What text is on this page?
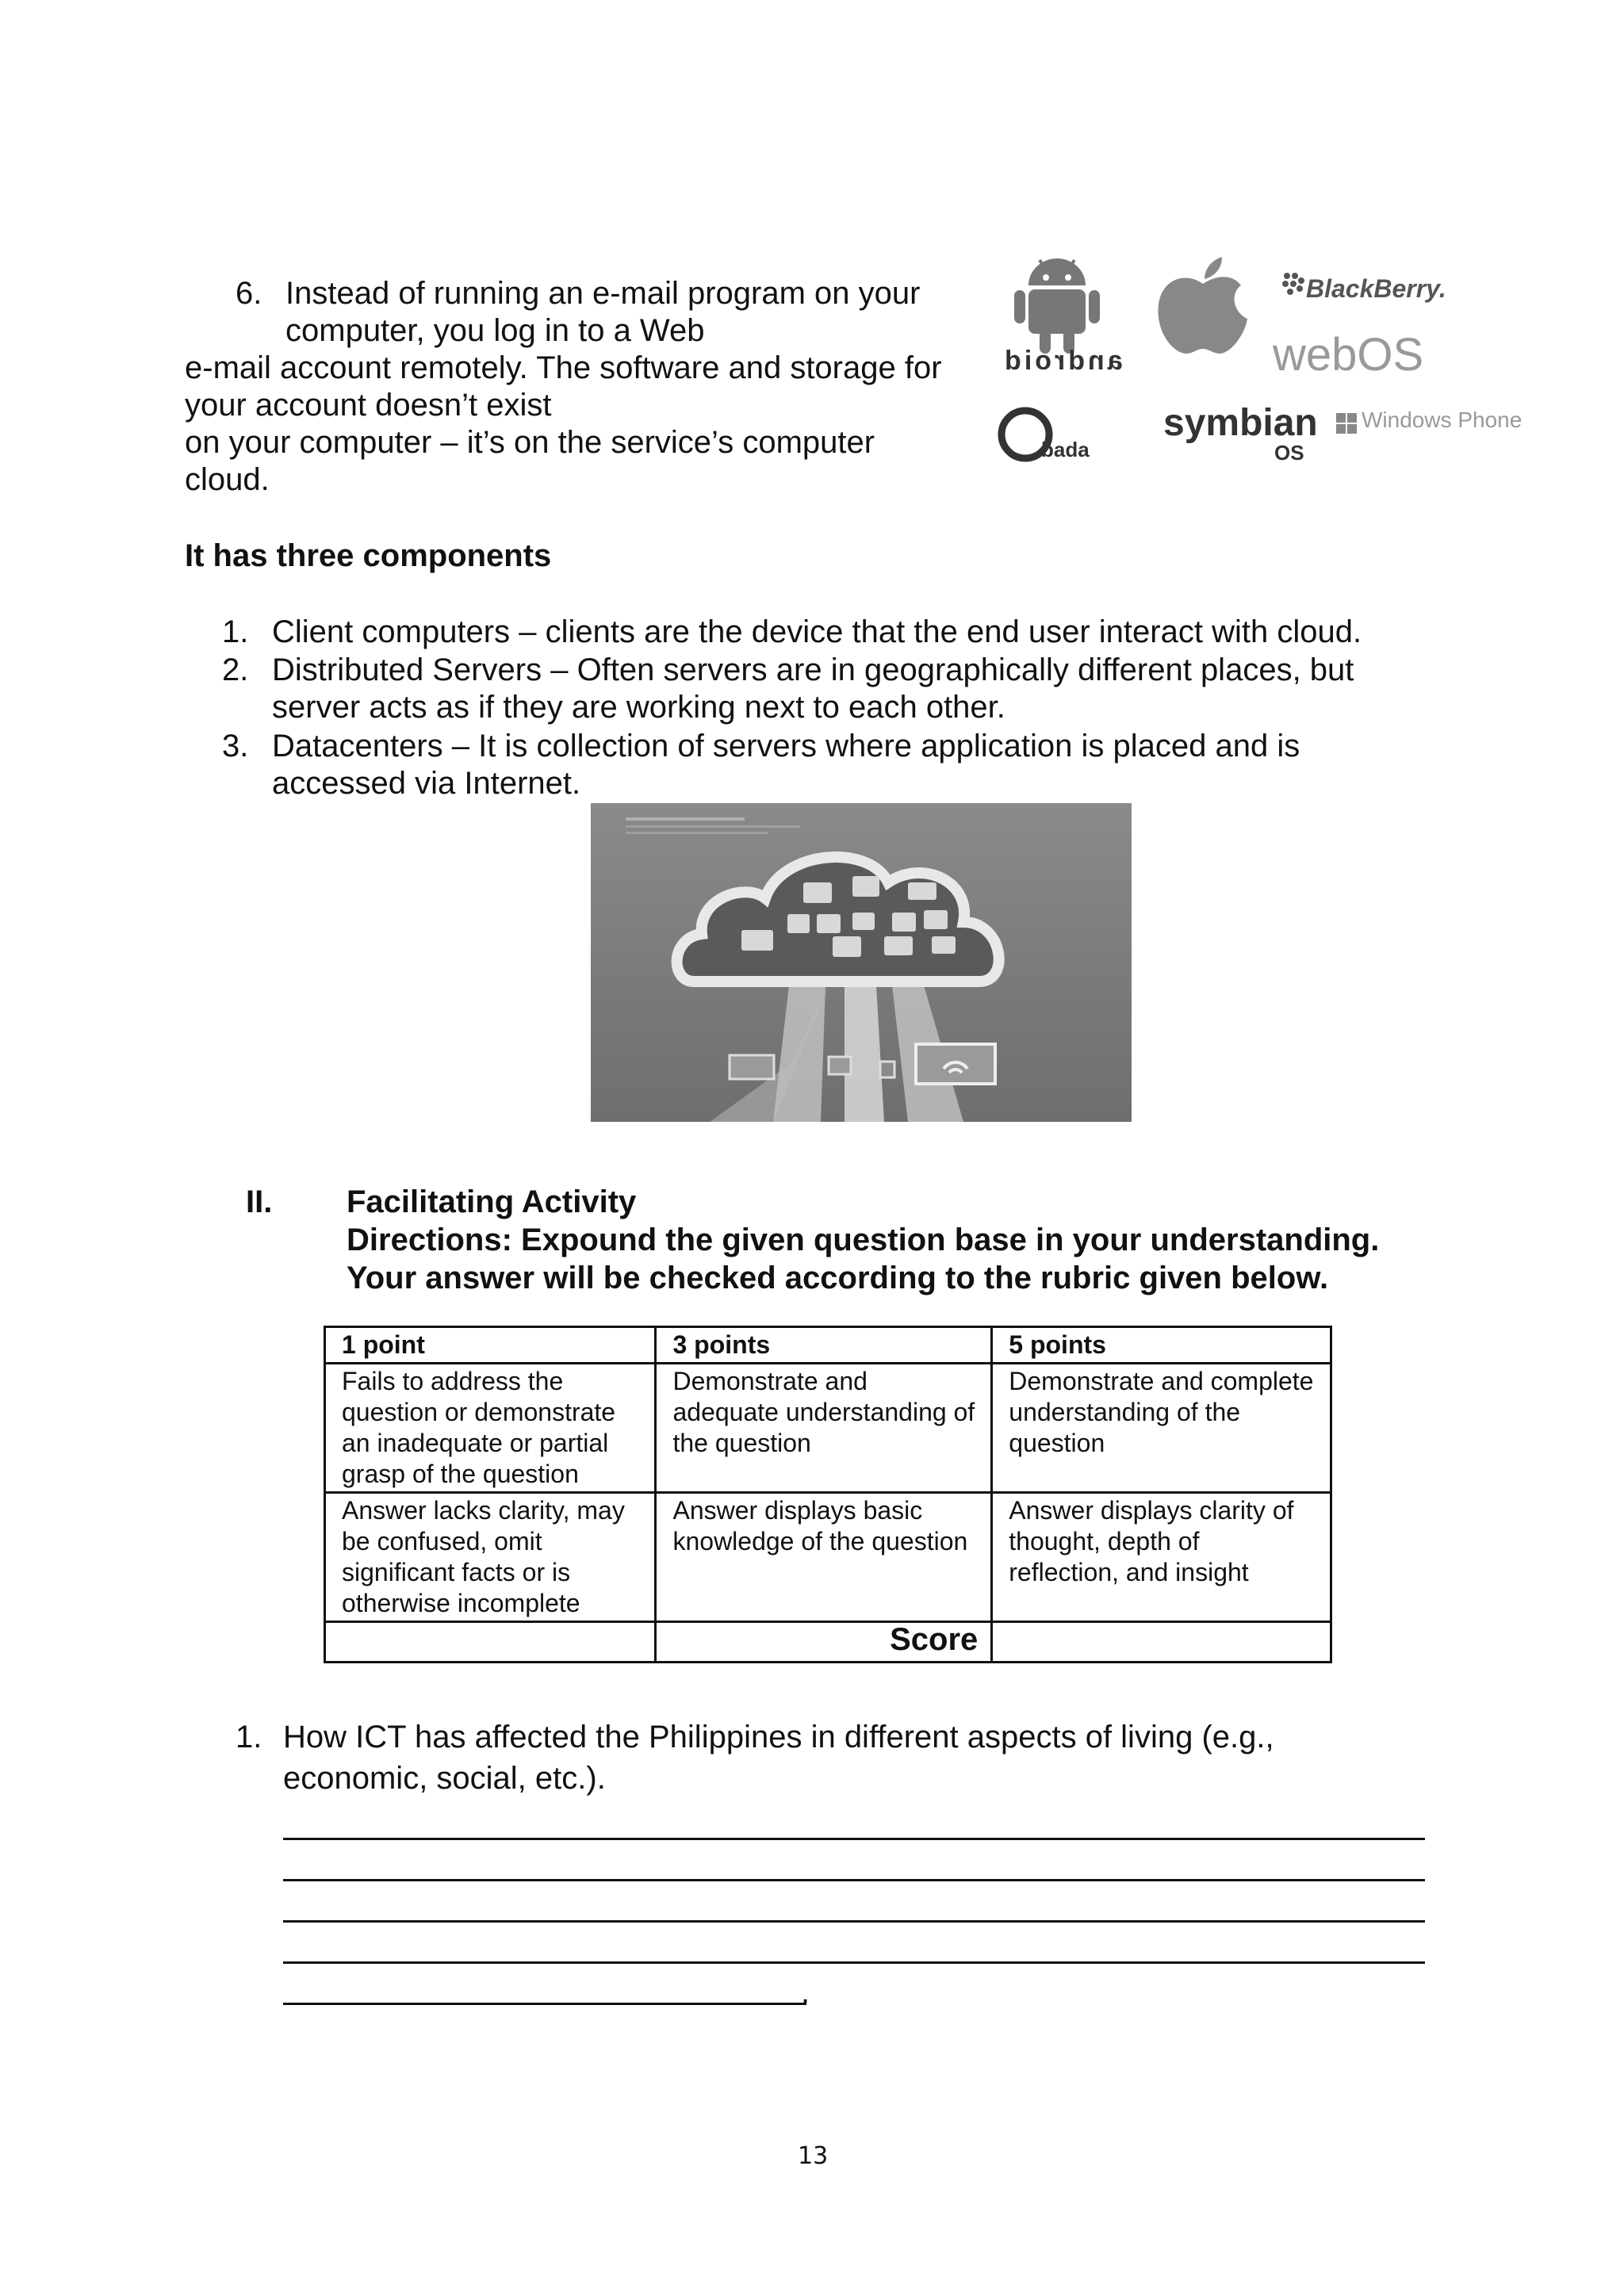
6. Instead of running an e-mail program on your
computer, you log in to a Web
e-mail account remotely. The software and storage for
your account doesn’t exist
on your computer – it’s on the service’s computer
cloud.
android
BlackBerry.
webOS
bada
symbian
OS
Windows Phone
It has three components
1. Client computers – clients are the device that the end user interact with cloud.
2. Distributed Servers – Often servers are in geographically different places, but
server acts as if they are working next to each other.
3. Datacenters – It is collection of servers where application is placed and is
accessed via Internet.
II. Facilitating Activity
Directions: Expound the given question base in your understanding.
Your answer will be checked according to the rubric given below.
1 point	3 points	5 points
Fails to address the question or demonstrate an inadequate or partial grasp of the question	Demonstrate and adequate understanding of the question	Demonstrate and complete understanding of the question
Answer lacks clarity, may be confused, omit significant facts or is otherwise incomplete	Answer displays basic knowledge of the question	Answer displays clarity of thought, depth of reflection, and insight
	Score	
1. How ICT has affected the Philippines in different aspects of living (e.g.,
economic, social, etc.).
.
13
